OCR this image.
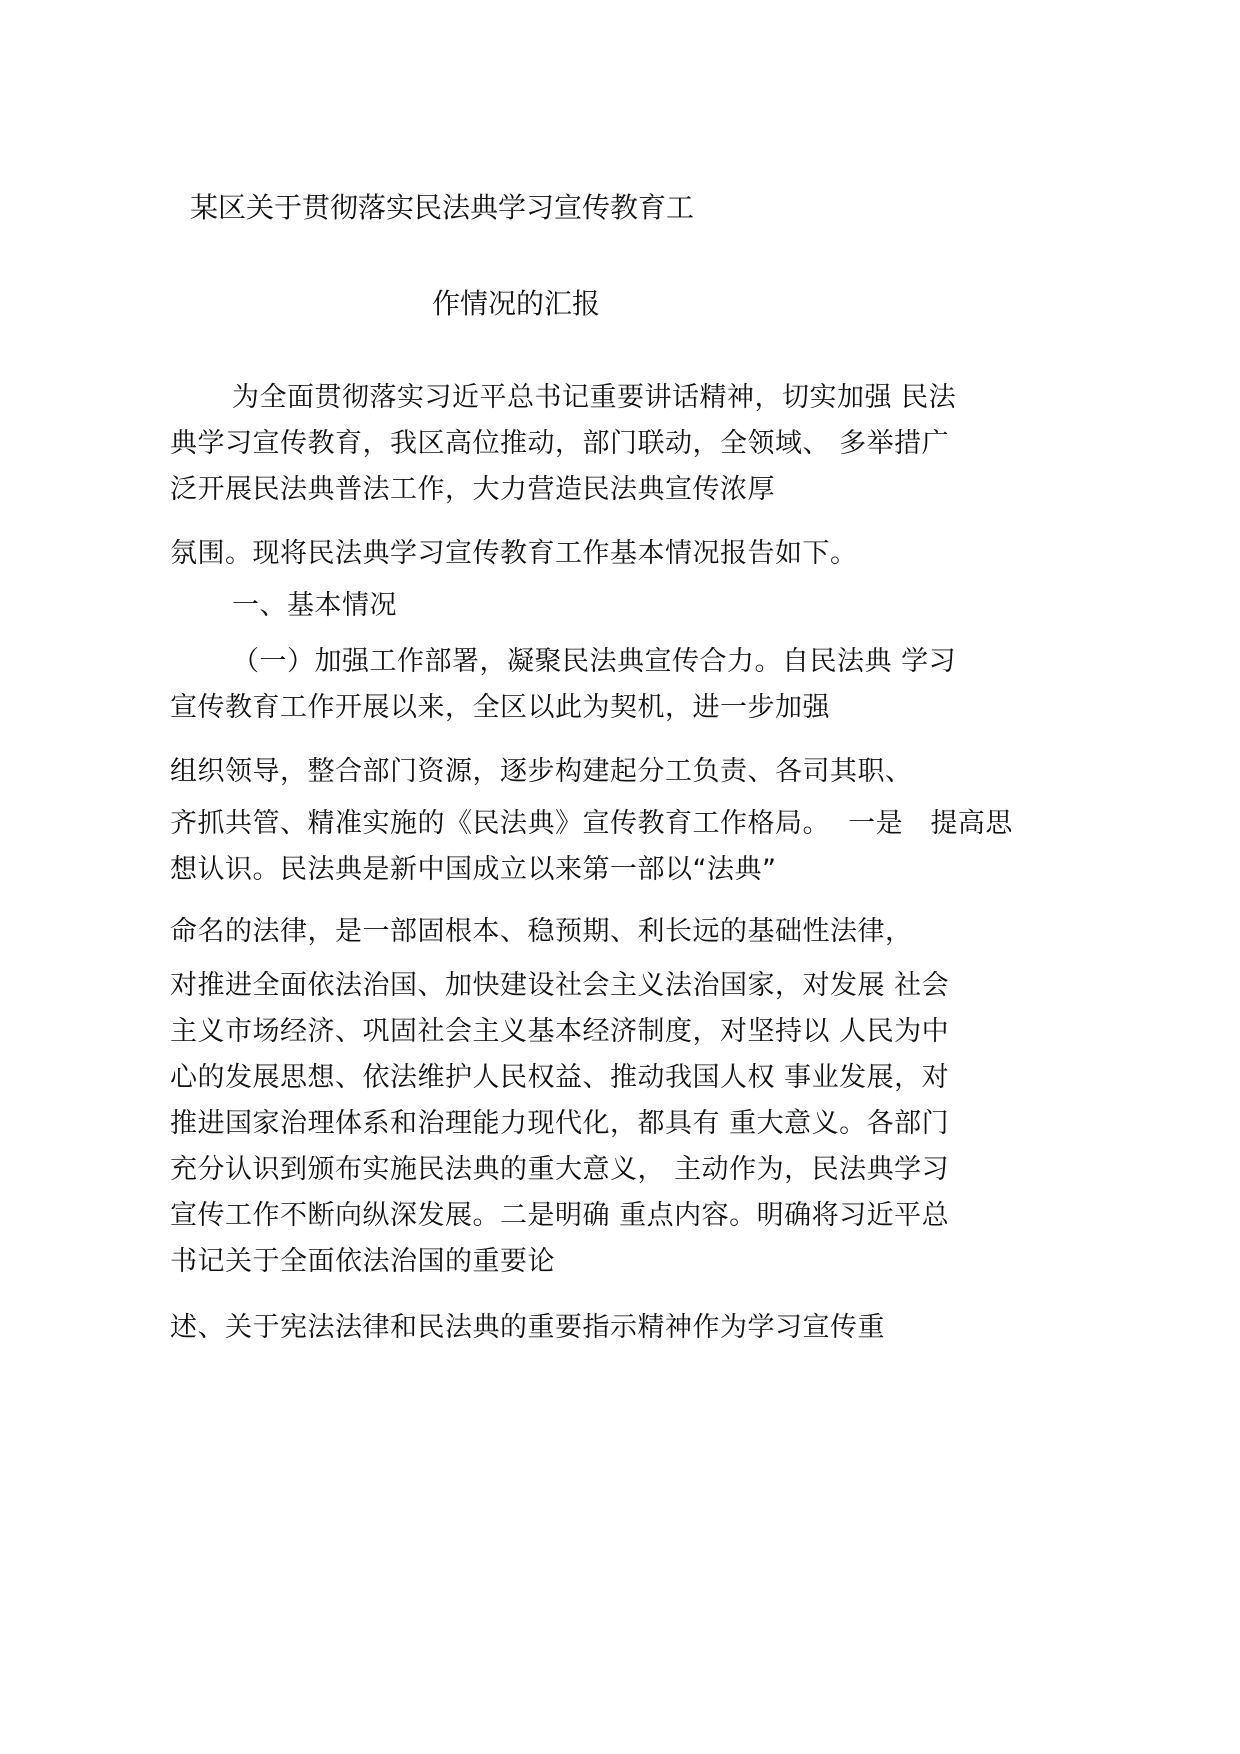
某区关于贯彻落实民法典学习宣传教育工
作情况的汇报
为全面贯彻落实习近平总书记重要讲话精神，切实加强 民法
典学习宣传教育，我区高位推动，部门联动，全领域、 多举措广
泛开展民法典普法工作，大力营造民法典宣传浓厚
氛围。现将民法典学习宣传教育工作基本情况报告如下。
一、基本情况
（一）加强工作部署，凝聚民法典宣传合力。自民法典 学习
宣传教育工作开展以来，全区以此为契机，进一步加强
组织领导，整合部门资源，逐步构建起分工负责、各司其职、
齐抓共管、精准实施的《民法典》宣传教育工作格局。  一是   提高思
想认识。民法典是新中国成立以来第一部以“法典”
命名的法律，是一部固根本、稳预期、利长远的基础性法律，
对推进全面依法治国、加快建设社会主义法治国家，对发展 社会
主义市场经济、巩固社会主义基本经济制度，对坚持以 人民为中
心的发展思想、依法维护人民权益、推动我国人权 事业发展，对
推进国家治理体系和治理能力现代化，都具有 重大意义。各部门
充分认识到颁布实施民法典的重大意义， 主动作为，民法典学习
宣传工作不断向纵深发展。二是明确 重点内容。明确将习近平总
书记关于全面依法治国的重要论
述、关于宪法法律和民法典的重要指示精神作为学习宣传重
